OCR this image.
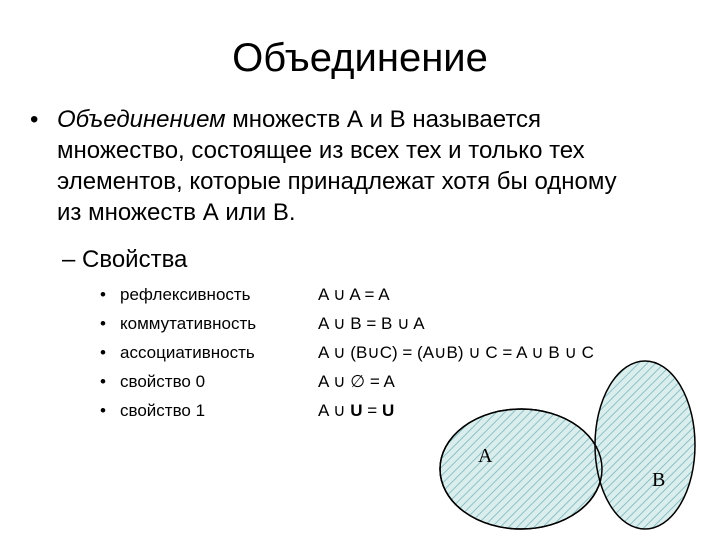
A
B
Объединение
• Объединением множеств А и В называется
множество, состоящее из всех тех и только тех
элементов, которые принадлежат хотя бы одному
из множеств А или В.
– Свойства
• рефлексивность	A ∪ A = A
• коммутативность	A ∪ B = B ∪ A
• ассоциативность	A ∪ (B∪C) = (A∪B) ∪ C = A ∪ B ∪ C
• свойство 0	A ∪ ∅ = A
• свойство 1	A ∪ U = U
